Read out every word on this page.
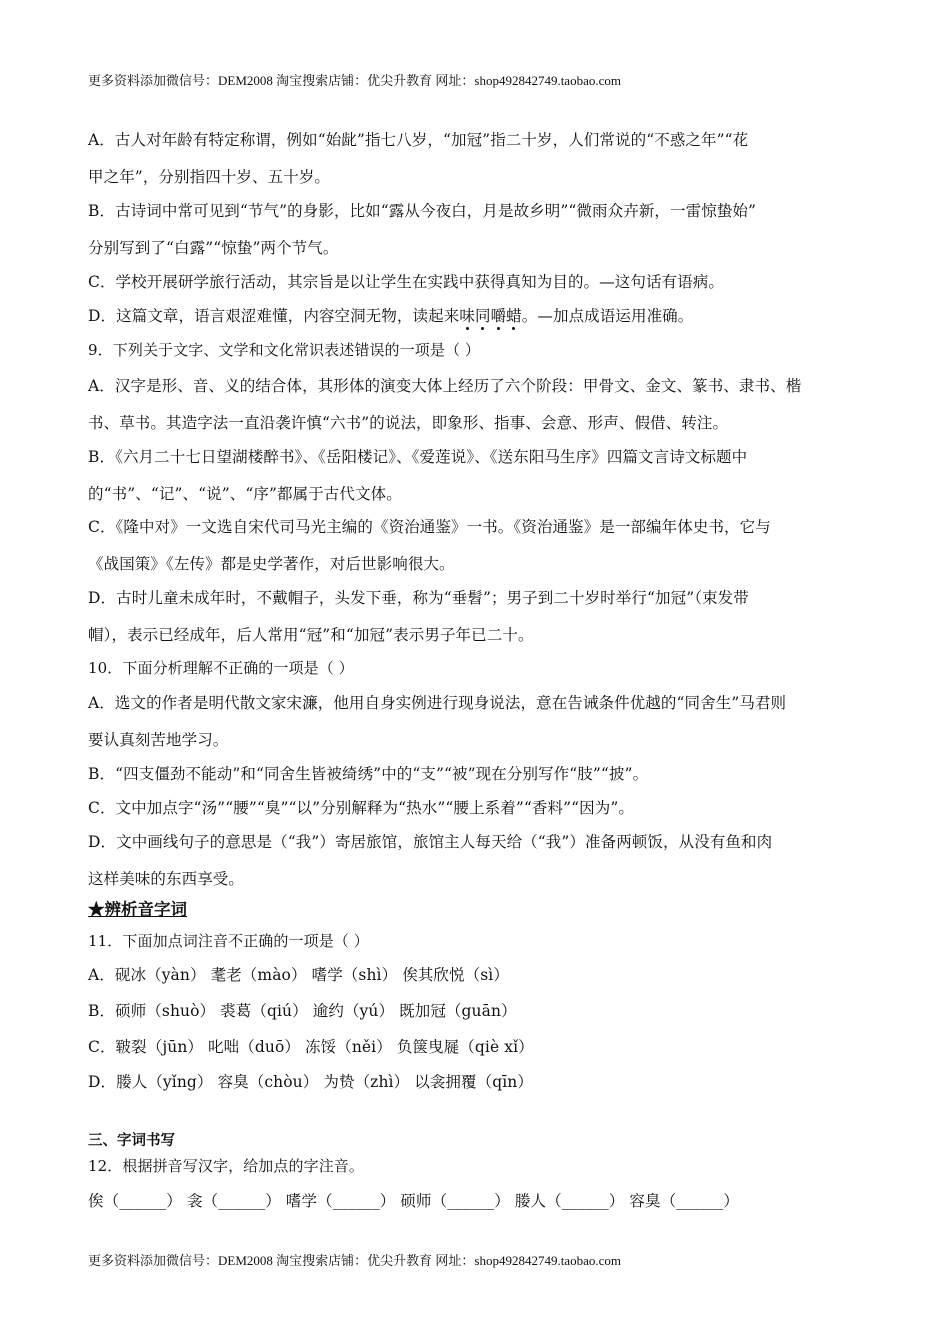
更多资料添加微信号：DEM2008 淘宝搜索店铺：优尖升教育 网址：shop492842749.taobao.com
A．古人对年龄有特定称谓，例如“始龀”指七八岁，“加冠”指二十岁，人们常说的“不惑之年”“花
甲之年”，分别指四十岁、五十岁。
B．古诗词中常可见到“节气”的身影，比如“露从今夜白，月是故乡明”“微雨众卉新，一雷惊蛰始”
分别写到了“白露”“惊蛰”两个节气。
C．学校开展研学旅行活动，其宗旨是以让学生在实践中获得真知为目的。—这句话有语病。
D．这篇文章，语言艰涩难懂，内容空洞无物，读起来味同嚼蜡。—加点成语运用准确。
9．下列关于文字、文学和文化常识表述错误的一项是（ ）
A．汉字是形、音、义的结合体，其形体的演变大体上经历了六个阶段：甲骨文、金文、篆书、隶书、楷
书、草书。其造字法一直沿袭许慎“六书”的说法，即象形、指事、会意、形声、假借、转注。
B．《六月二十七日望湖楼醉书》、《岳阳楼记》、《爱莲说》、《送东阳马生序》四篇文言诗文标题中
的“书”、“记”、“说”、“序”都属于古代文体。
C．《隆中对》一文选自宋代司马光主编的《资治通鉴》一书。《资治通鉴》是一部编年体史书，它与
《战国策》《左传》都是史学著作，对后世影响很大。
D．古时儿童未成年时，不戴帽子，头发下垂，称为“垂髫”；男子到二十岁时举行“加冠”（束发带
帽），表示已经成年，后人常用“冠”和“加冠”表示男子年已二十。
10．下面分析理解不正确的一项是（ ）
A．选文的作者是明代散文家宋濂，他用自身实例进行现身说法，意在告诫条件优越的“同舍生”马君则
要认真刻苦地学习。
B．“四支僵劲不能动”和“同舍生皆被绮绣”中的“支”“被”现在分别写作“肢”“披”。
C．文中加点字“汤”“腰”“臭”“以”分别解释为“热水”“腰上系着”“香料”“因为”。
D．文中画线句子的意思是（“我”）寄居旅馆，旅馆主人每天给（“我”）准备两顿饭，从没有鱼和肉
这样美味的东西享受。
★辨析音字词
11．下面加点词注音不正确的一项是（ ）
A．砚冰（yàn） 耄老（mào） 嗜学（shì） 俟其欣悦（sì）
B．硕师（shuò） 裘葛（qiú） 逾约（yú） 既加冠（guān）
C．皲裂（jūn） 叱咄（duō） 冻馁（něi） 负箧曳屣（qiè xǐ）
D．媵人（yǐng） 容臭（chòu） 为贽（zhì） 以衾拥覆（qīn）
三、字词书写
12．根据拼音写汉字，给加点的字注音。
俟（______） 衾（______） 嗜学（______） 硕师（______） 媵人（______） 容臭（______）
更多资料添加微信号：DEM2008 淘宝搜索店铺：优尖升教育 网址：shop492842749.taobao.com
